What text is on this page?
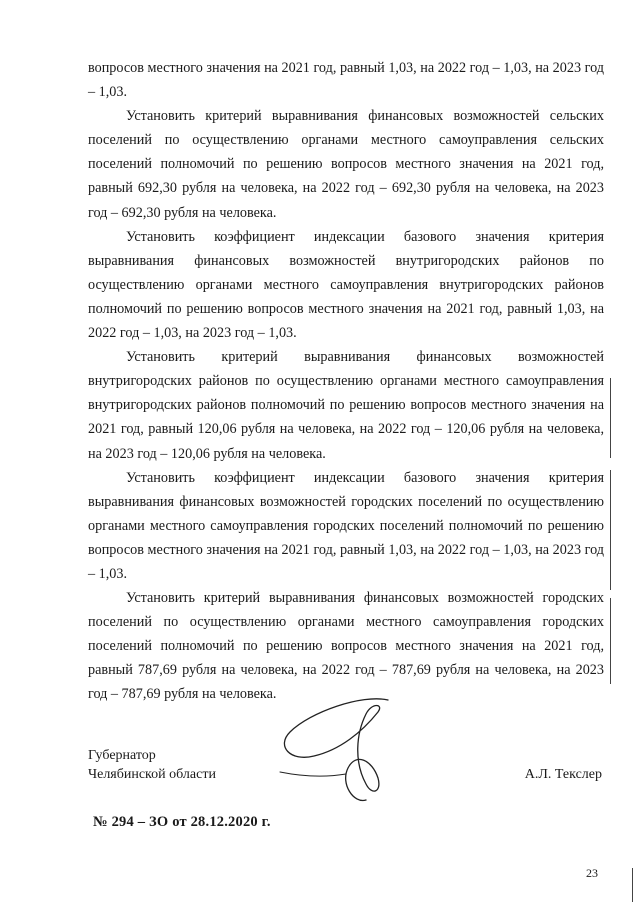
вопросов местного значения на 2021 год, равный 1,03, на 2022 год – 1,03, на 2023 год – 1,03.

Установить критерий выравнивания финансовых возможностей сельских поселений по осуществлению органами местного самоуправления сельских поселений полномочий по решению вопросов местного значения на 2021 год, равный 692,30 рубля на человека, на 2022 год – 692,30 рубля на человека, на 2023 год – 692,30 рубля на человека.

Установить коэффициент индексации базового значения критерия выравнивания финансовых возможностей внутригородских районов по осуществлению органами местного самоуправления внутригородских районов полномочий по решению вопросов местного значения на 2021 год, равный 1,03, на 2022 год – 1,03, на 2023 год – 1,03.

Установить критерий выравнивания финансовых возможностей внутригородских районов по осуществлению органами местного самоуправления внутригородских районов полномочий по решению вопросов местного значения на 2021 год, равный 120,06 рубля на человека, на 2022 год – 120,06 рубля на человека, на 2023 год – 120,06 рубля на человека.

Установить коэффициент индексации базового значения критерия выравнивания финансовых возможностей городских поселений по осуществлению органами местного самоуправления городских поселений полномочий по решению вопросов местного значения на 2021 год, равный 1,03, на 2022 год – 1,03, на 2023 год – 1,03.

Установить критерий выравнивания финансовых возможностей городских поселений по осуществлению органами местного самоуправления городских поселений полномочий по решению вопросов местного значения на 2021 год, равный 787,69 рубля на человека, на 2022 год – 787,69 рубля на человека, на 2023 год – 787,69 рубля на человека.

Губернатор
Челябинской области	А.Л. Текслер
№ 294 – ЗО от 28.12.2020 г.
23
